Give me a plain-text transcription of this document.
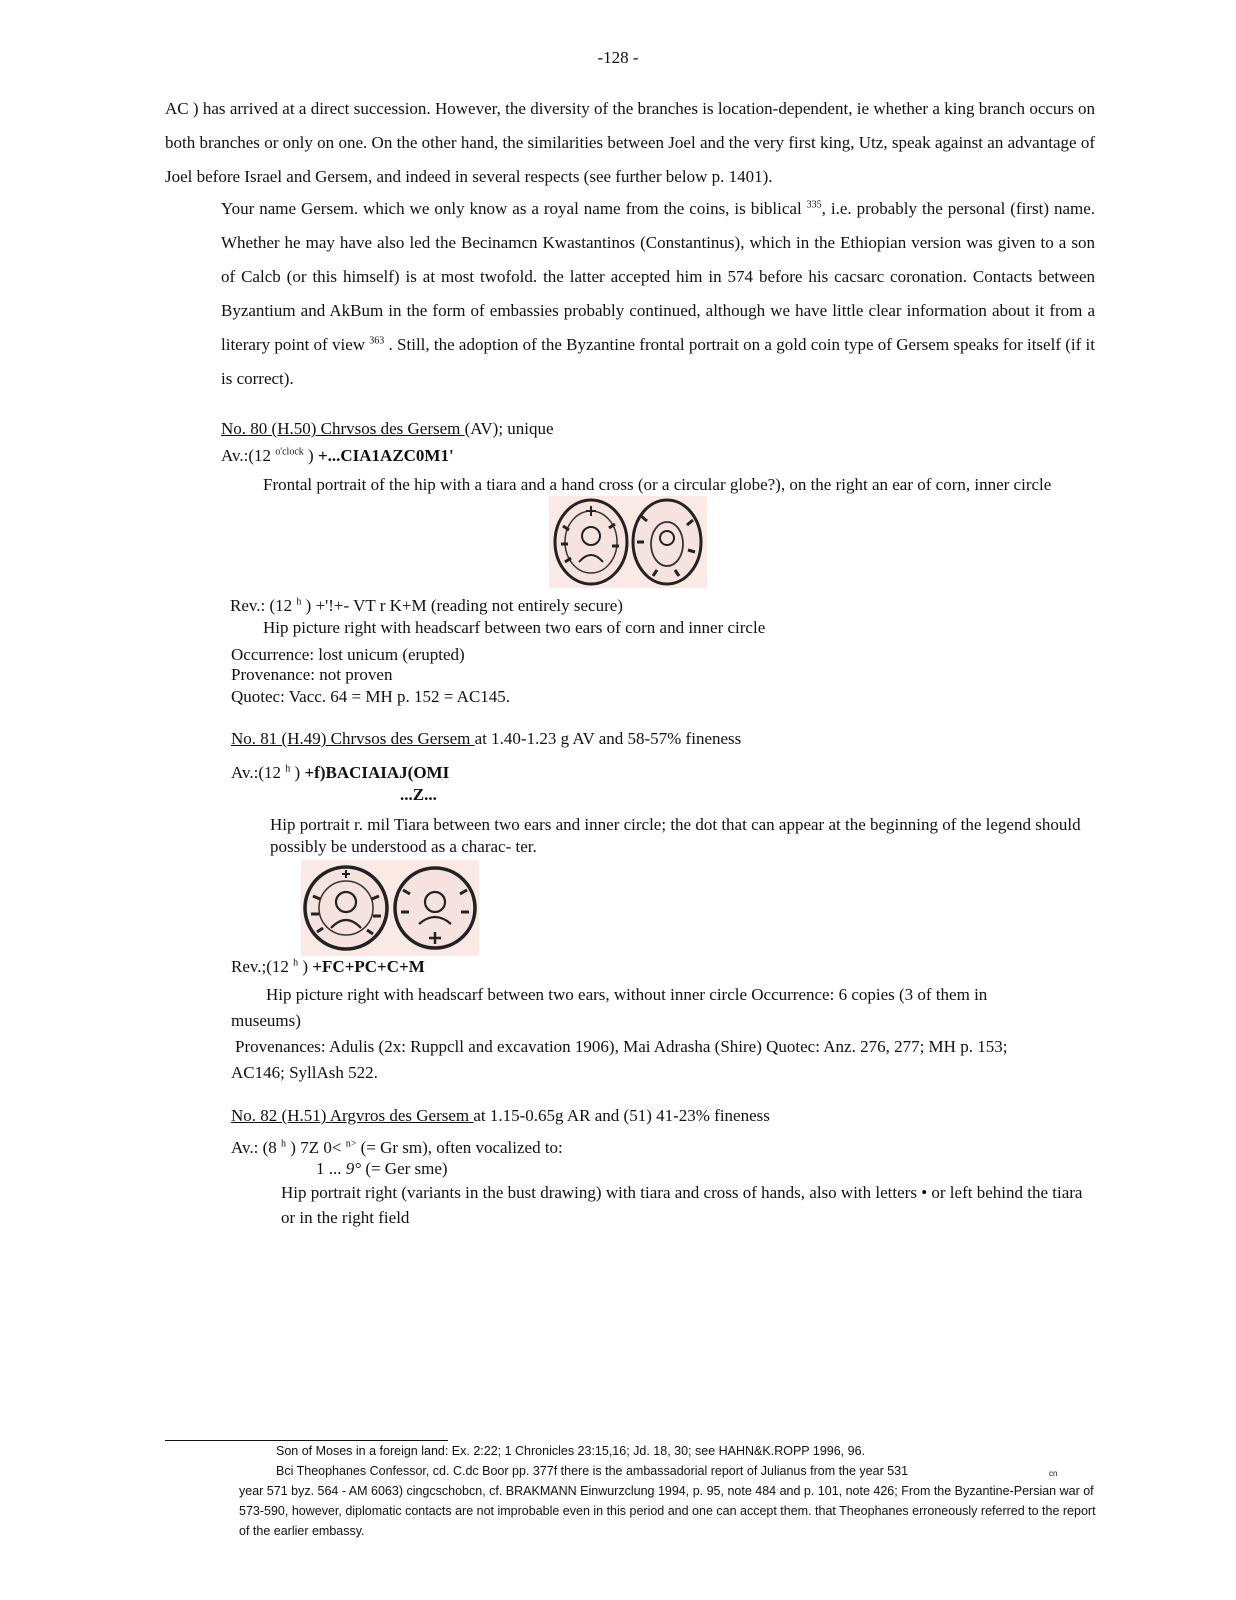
-128 -

AC ) has arrived at a direct succession. However, the diversity of the branches is location-dependent, ie whether a king branch occurs on both branches or only on one. On the other hand, the similarities between Joel and the very first king, Utz, speak against an advantage of Joel before Israel and Gersem, and indeed in several respects (see further below p. 1401).

Your name Gersem. which we only know as a royal name from the coins, is biblical $^{335}$, i.e. probably the personal (first) name. Whether he may have also led the Becinamcn Kwastantinos (Constantinus), which in the Ethiopian version was given to a son of Calcb (or this himself) is at most twofold. the latter accepted him in 574 before his cacsarc coronation. Contacts between Byzantium and AkBum in the form of embassies probably continued, although we have little clear information about it from a literary point of view $^{363}$ . Still, the adoption of the Byzantine frontal portrait on a gold coin type of Gersem speaks for itself (if it is correct).

No. 80 (H.50) Chrvsos des Gersem (AV); unique
Av.:(12 $^{o'clock}$ ) +...CIA1AZC0M1'
Frontal portrait of the hip with a tiara and a hand cross (or a circular globe?), on the right an ear of corn, inner circle
Rev.: (12 $^h$ ) +'!+- VT r K+M (reading not entirely secure)
Hip picture right with headscarf between two ears of corn and inner circle
Occurrence: lost unicum (erupted)
Provenance: not proven
Quotec: Vacc. 64 = MH p. 152 = AC145.
No. 81 (H.49) Chrvsos des Gersem at 1.40-1.23 g AV and 58-57% fineness
Av.:(12 $^h$ ) +f)BACIAIAJ(OMI
...Z...
Hip portrait r. mil Tiara between two ears and inner circle; the dot that can appear at the beginning of the legend should possibly be understood as a charac- ter.
Rev.;(12 $^h$ ) +FC+PC+C+M
Hip picture right with headscarf between two ears, without inner circle Occurrence: 6 copies (3 of them in museums)
Provenances: Adulis (2x: Ruppcll and excavation 1906), Mai Adrasha (Shire) Quotec: Anz. 276, 277; MH p. 153; AC146; SyllAsh 522.
No. 82 (H.51) Argvros des Gersem at 1.15-0.65g AR and (51) 41-23% fineness
Av.: (8 $^h$ ) 7Z 0< $^{n>}$ (= Gr sm), often vocalized to:
1 ... 9° (= Ger sme)
Hip portrait right (variants in the bust drawing) with tiara and cross of hands, also with letters • or left behind the tiara or in the right field
Son of Moses in a foreign land: Ex. 2:22; 1 Chronicles 23:15,16; Jd. 18, 30; see HAHN&K.ROPP 1996, 96.
Bci Theophanes Confessor, cd. C.dc Boor pp. 377f there is the ambassadorial report of Julianus from the year 531	cn
year 571 byz. 564 - AM 6063) cingcschobcn, cf. BRAKMANN Einwurzclung 1994, p. 95, note 484 and p. 101, note 426; From the Byzantine-Persian war of 573-590, however, diplomatic contacts are not improbable even in this period and one can accept them. that Theophanes erroneously referred to the report of the earlier embassy.
